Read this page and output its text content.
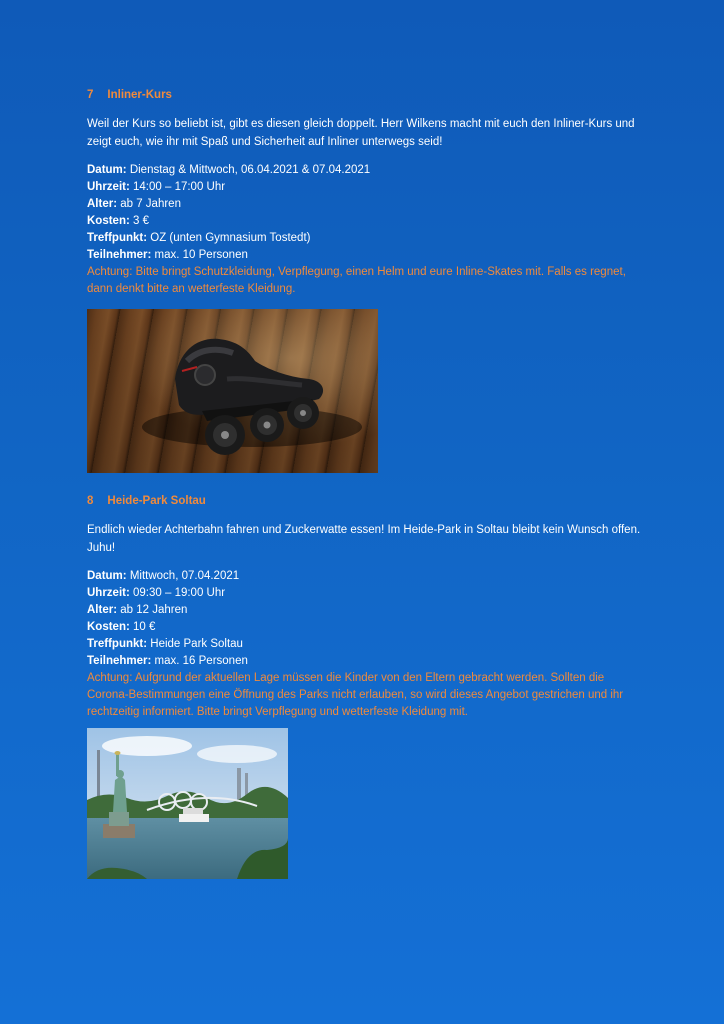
7 Inliner-Kurs
Weil der Kurs so beliebt ist, gibt es diesen gleich doppelt. Herr Wilkens macht mit euch den Inliner-Kurs und zeigt euch, wie ihr mit Spaß und Sicherheit auf Inliner unterwegs seid!
Datum: Dienstag & Mittwoch, 06.04.2021 & 07.04.2021
Uhrzeit: 14:00 – 17:00 Uhr
Alter: ab 7 Jahren
Kosten: 3 €
Treffpunkt: OZ (unten Gymnasium Tostedt)
Teilnehmer: max. 10 Personen
Achtung: Bitte bringt Schutzkleidung, Verpflegung, einen Helm und eure Inline-Skates mit. Falls es regnet, dann denkt bitte an wetterfeste Kleidung.
8 Heide-Park Soltau
Endlich wieder Achterbahn fahren und Zuckerwatte essen! Im Heide-Park in Soltau bleibt kein Wunsch offen. Juhu!
Datum: Mittwoch, 07.04.2021
Uhrzeit: 09:30 – 19:00 Uhr
Alter: ab 12 Jahren
Kosten: 10 €
Treffpunkt: Heide Park Soltau
Teilnehmer: max. 16 Personen
Achtung: Aufgrund der aktuellen Lage müssen die Kinder von den Eltern gebracht werden. Sollten die Corona-Bestimmungen eine Öffnung des Parks nicht erlauben, so wird dieses Angebot gestrichen und ihr rechtzeitig informiert. Bitte bringt Verpflegung und wetterfeste Kleidung mit.
